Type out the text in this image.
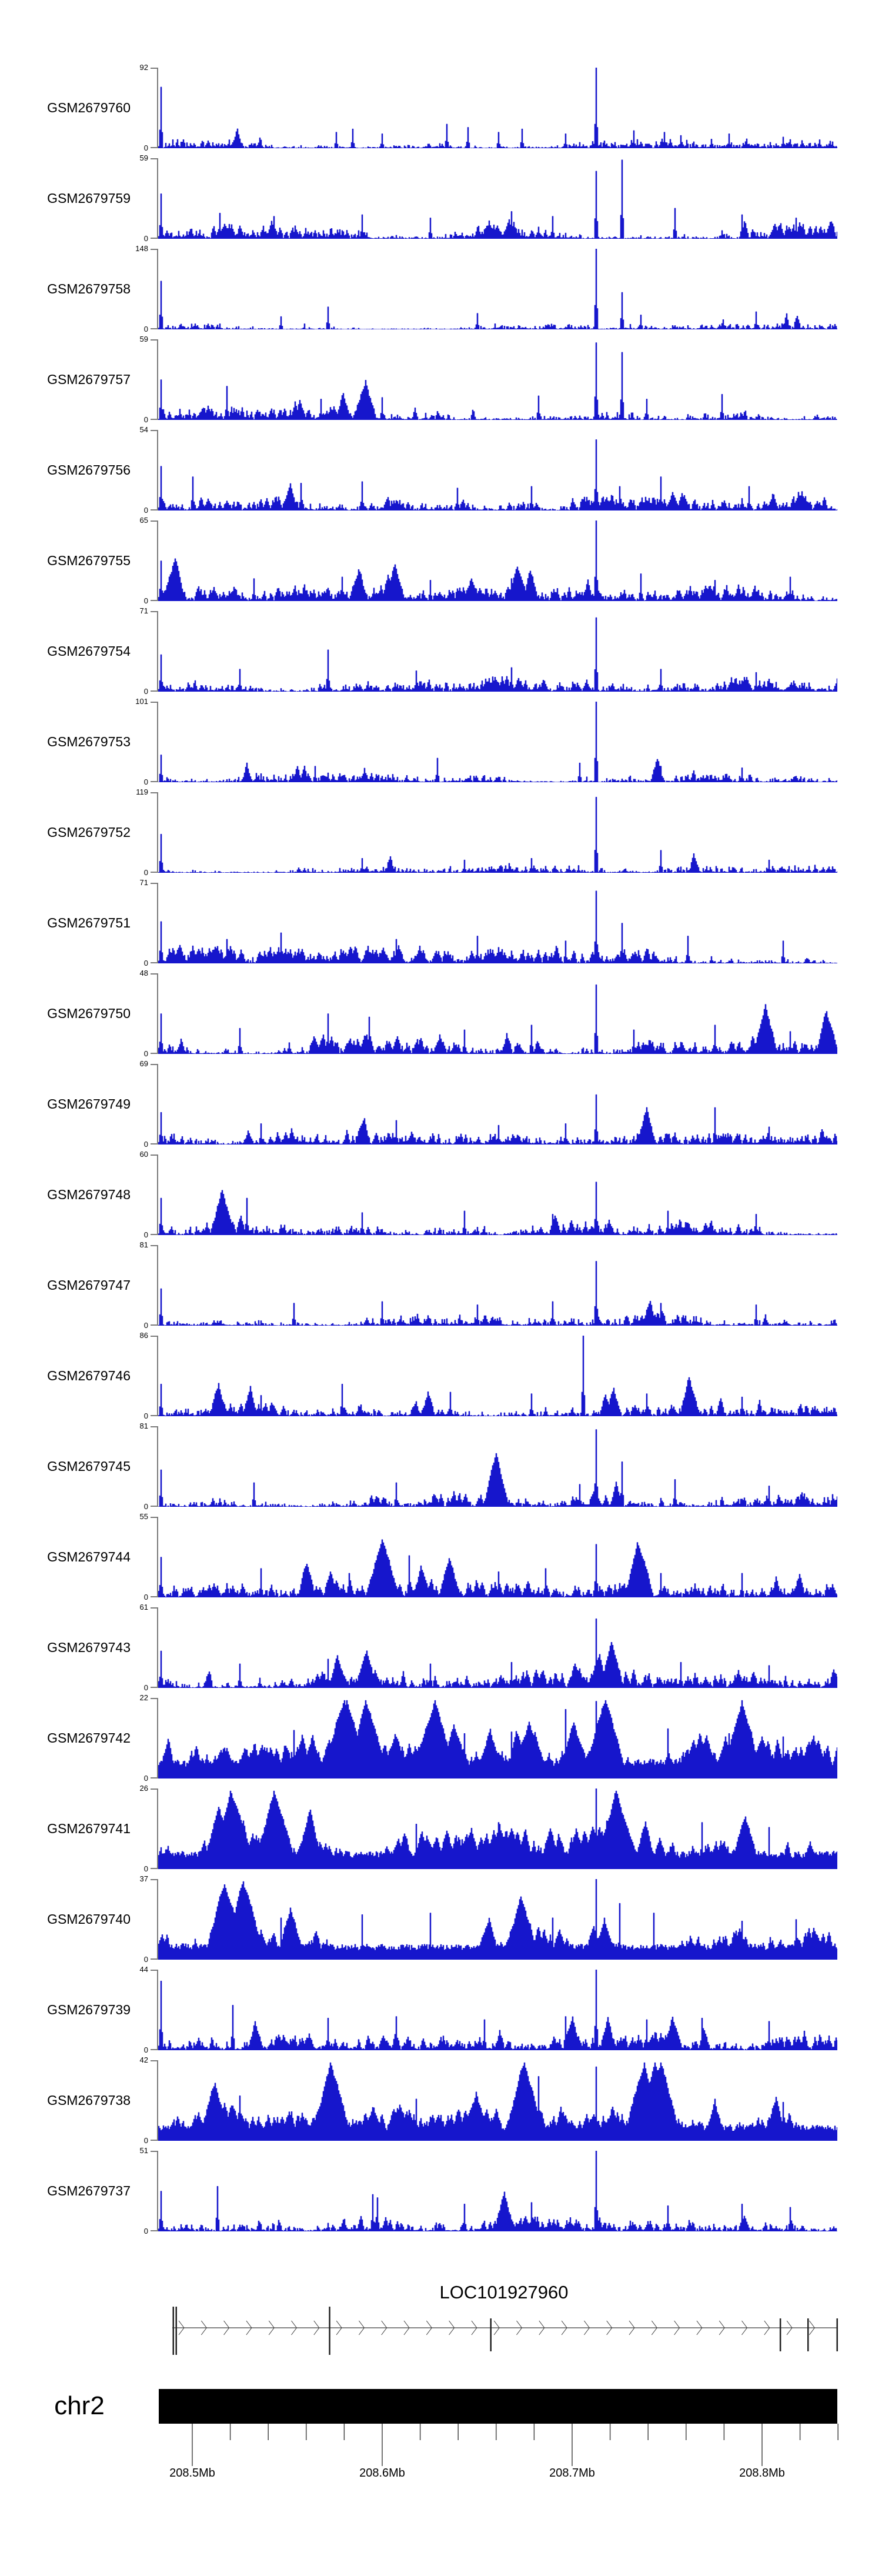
GSM2679760
92
0
GSM2679759
59
0
GSM2679758
148
0
GSM2679757
59
0
GSM2679756
54
0
GSM2679755
65
0
GSM2679754
71
0
GSM2679753
101
0
GSM2679752
119
0
GSM2679751
71
0
GSM2679750
48
0
GSM2679749
69
0
GSM2679748
60
0
GSM2679747
81
0
GSM2679746
86
0
GSM2679745
81
0
GSM2679744
55
0
GSM2679743
61
0
GSM2679742
22
0
GSM2679741
26
0
GSM2679740
37
0
GSM2679739
44
0
GSM2679738
42
0
GSM2679737
51
0
LOC101927960
chr2
208.5Mb	208.6Mb	208.7Mb	208.8Mb
